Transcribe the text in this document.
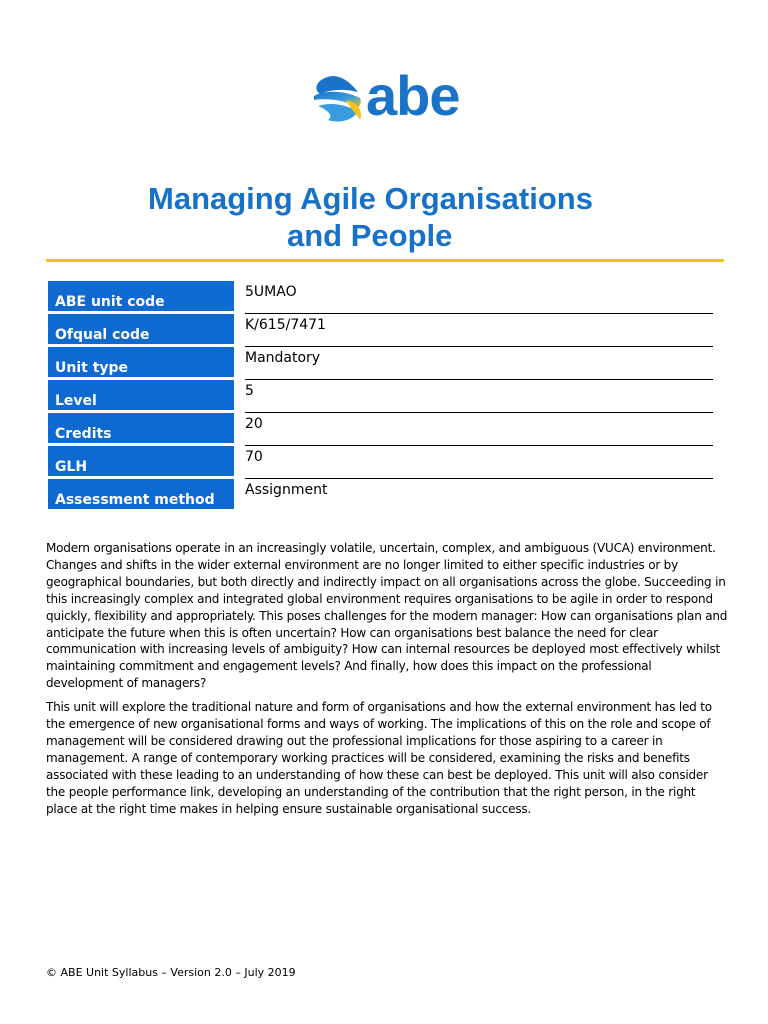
abe
Managing Agile Organisations
and People
ABE unit code
5UMAO
Ofqual code
K/615/7471
Unit type
Mandatory
Level
5
Credits
20
GLH
70
Assessment method
Assignment

Modern organisations operate in an increasingly volatile, uncertain, complex, and ambiguous (VUCA) environment. Changes and shifts in the wider external environment are no longer limited to either specific industries or by geographical boundaries, but both directly and indirectly impact on all organisations across the globe. Succeeding in this increasingly complex and integrated global environment requires organisations to be agile in order to respond quickly, flexibility and appropriately. This poses challenges for the modern manager: How can organisations plan and anticipate the future when this is often uncertain? How can organisations best balance the need for clear communication with increasing levels of ambiguity? How can internal resources be deployed most effectively whilst maintaining commitment and engagement levels? And finally, how does this impact on the professional development of managers?

This unit will explore the traditional nature and form of organisations and how the external environment has led to the emergence of new organisational forms and ways of working. The implications of this on the role and scope of management will be considered drawing out the professional implications for those aspiring to a career in management. A range of contemporary working practices will be considered, examining the risks and benefits associated with these leading to an understanding of how these can best be deployed. This unit will also consider the people performance link, developing an understanding of the contribution that the right person, in the right place at the right time makes in helping ensure sustainable organisational success.

© ABE Unit Syllabus – Version 2.0 – July 2019
